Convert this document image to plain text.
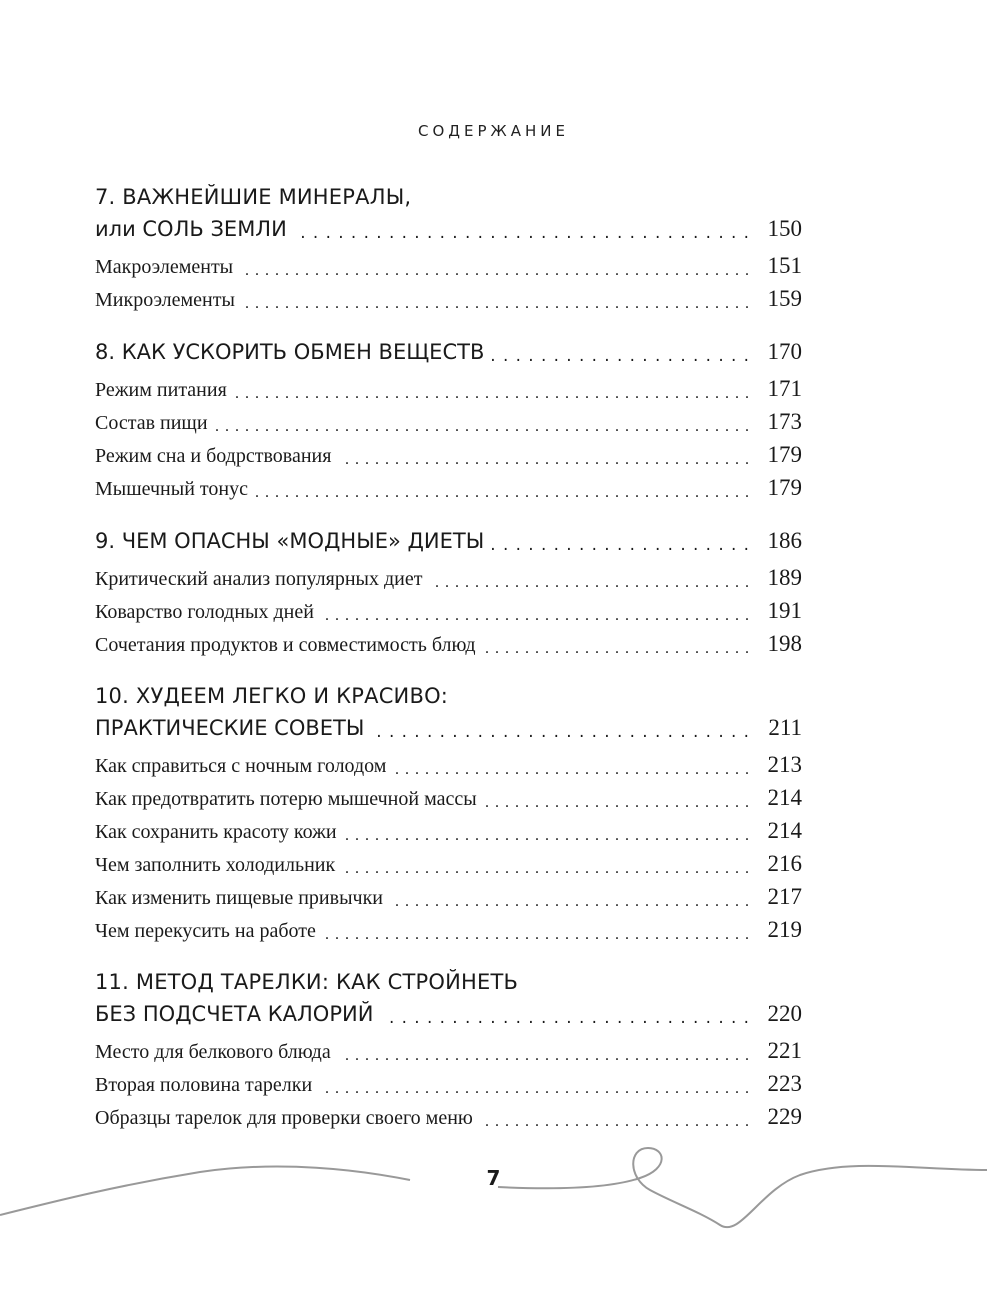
СОДЕРЖАНИЕ
7. ВАЖНЕЙШИЕ МИНЕРАЛЫ,
или СОЛЬ ЗЕМЛИ . . .	150
Макроэлементы . . .	151
Микроэлементы . . .	159
8. КАК УСКОРИТЬ ОБМЕН ВЕЩЕСТВ . . .	170
Режим питания . . .	171
Состав пищи . . .	173
Режим сна и бодрствования . . .	179
Мышечный тонус . . .	179
9. ЧЕМ ОПАСНЫ «МОДНЫЕ» ДИЕТЫ . . .	186
Критический анализ популярных диет . . .	189
Коварство голодных дней . . .	191
Сочетания продуктов и совместимость блюд . . .	198
10. ХУДЕЕМ ЛЕГКО И КРАСИВО:
ПРАКТИЧЕСКИЕ СОВЕТЫ . . .	211
Как справиться с ночным голодом . . .	213
Как предотвратить потерю мышечной массы . . .	214
Как сохранить красоту кожи . . .	214
Чем заполнить холодильник . . .	216
Как изменить пищевые привычки . . .	217
Чем перекусить на работе . . .	219
11. МЕТОД ТАРЕЛКИ: КАК СТРОЙНЕТЬ
БЕЗ ПОДСЧЕТА КАЛОРИЙ . . .	220
Место для белкового блюда . . .	221
Вторая половина тарелки . . .	223
Образцы тарелок для проверки своего меню . . .	229
7
